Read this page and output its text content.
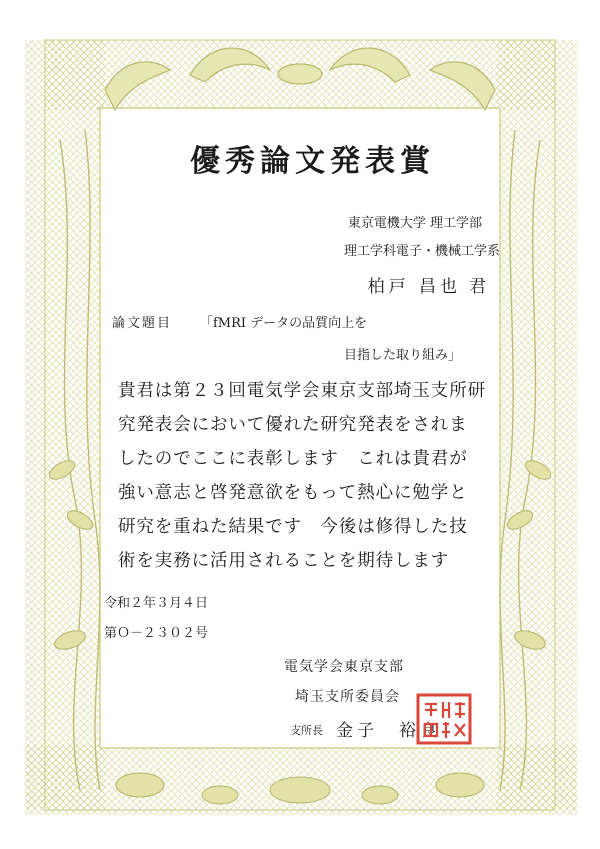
優秀論文発表賞
東京電機大学 理工学部
理工学科電子・機械工学系
柏戸 昌也 君
論文題目 「fMRI データの品質向上を
目指した取り組み」
貴君は第２３回電気学会東京支部埼玉支所研
究発表会において優れた研究発表をされま
したのでここに表彰します　これは貴君が
強い意志と啓発意欲をもって熱心に勉学と
研究を重ねた結果です　今後は修得した技
術を実務に活用されることを期待します
令和２年３月４日
第Ｏ－２３０２号
電気学会東京支部
埼玉支所委員会
支所長 金子　裕良
